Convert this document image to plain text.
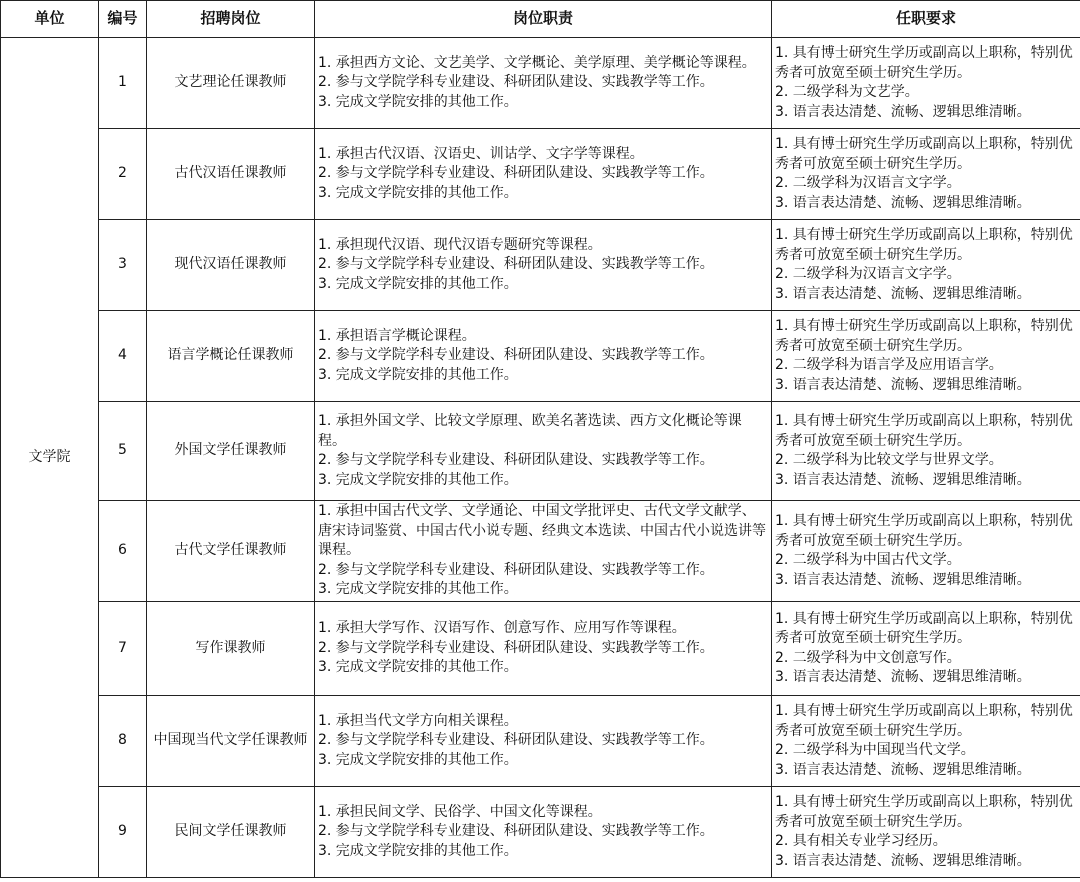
单位	编号	招聘岗位	岗位职责	任职要求
文学院	1	文艺理论任课教师	1. 承担西方文论、文艺美学、文学概论、美学原理、美学概论等课程。
2. 参与文学院学科专业建设、科研团队建设、实践教学等工作。
3. 完成文学院安排的其他工作。	1. 具有博士研究生学历或副高以上职称，特别优秀者可放宽至硕士研究生学历。
2. 二级学科为文艺学。
3. 语言表达清楚、流畅、逻辑思维清晰。

	2	古代汉语任课教师	1. 承担古代汉语、汉语史、训诂学、文字学等课程。
2. 参与文学院学科专业建设、科研团队建设、实践教学等工作。
3. 完成文学院安排的其他工作。	1. 具有博士研究生学历或副高以上职称，特别优秀者可放宽至硕士研究生学历。
2. 二级学科为汉语言文字学。
3. 语言表达清楚、流畅、逻辑思维清晰。

	3	现代汉语任课教师	1. 承担现代汉语、现代汉语专题研究等课程。
2. 参与文学院学科专业建设、科研团队建设、实践教学等工作。
3. 完成文学院安排的其他工作。	1. 具有博士研究生学历或副高以上职称，特别优秀者可放宽至硕士研究生学历。
2. 二级学科为汉语言文字学。
3. 语言表达清楚、流畅、逻辑思维清晰。

	4	语言学概论任课教师	1. 承担语言学概论课程。
2. 参与文学院学科专业建设、科研团队建设、实践教学等工作。
3. 完成文学院安排的其他工作。	1. 具有博士研究生学历或副高以上职称，特别优秀者可放宽至硕士研究生学历。
2. 二级学科为语言学及应用语言学。
3. 语言表达清楚、流畅、逻辑思维清晰。

	5	外国文学任课教师	1. 承担外国文学、比较文学原理、欧美名著选读、西方文化概论等课程。
2. 参与文学院学科专业建设、科研团队建设、实践教学等工作。
3. 完成文学院安排的其他工作。	1. 具有博士研究生学历或副高以上职称，特别优秀者可放宽至硕士研究生学历。
2. 二级学科为比较文学与世界文学。
3. 语言表达清楚、流畅、逻辑思维清晰。

	6	古代文学任课教师	1. 承担中国古代文学、文学通论、中国文学批评史、古代文学文献学、唐宋诗词鉴赏、中国古代小说专题、经典文本选读、中国古代小说选讲等课程。
2. 参与文学院学科专业建设、科研团队建设、实践教学等工作。
3. 完成文学院安排的其他工作。	1. 具有博士研究生学历或副高以上职称，特别优秀者可放宽至硕士研究生学历。
2. 二级学科为中国古代文学。
3. 语言表达清楚、流畅、逻辑思维清晰。

	7	写作课教师	1. 承担大学写作、汉语写作、创意写作、应用写作等课程。
2. 参与文学院学科专业建设、科研团队建设、实践教学等工作。
3. 完成文学院安排的其他工作。	1. 具有博士研究生学历或副高以上职称，特别优秀者可放宽至硕士研究生学历。
2. 二级学科为中文创意写作。
3. 语言表达清楚、流畅、逻辑思维清晰。

	8	中国现当代文学任课教师	1. 承担当代文学方向相关课程。
2. 参与文学院学科专业建设、科研团队建设、实践教学等工作。
3. 完成文学院安排的其他工作。	1. 具有博士研究生学历或副高以上职称，特别优秀者可放宽至硕士研究生学历。
2. 二级学科为中国现当代文学。
3. 语言表达清楚、流畅、逻辑思维清晰。

	9	民间文学任课教师	1. 承担民间文学、民俗学、中国文化等课程。
2. 参与文学院学科专业建设、科研团队建设、实践教学等工作。
3. 完成文学院安排的其他工作。	1. 具有博士研究生学历或副高以上职称，特别优秀者可放宽至硕士研究生学历。
2. 具有相关专业学习经历。
3. 语言表达清楚、流畅、逻辑思维清晰。
